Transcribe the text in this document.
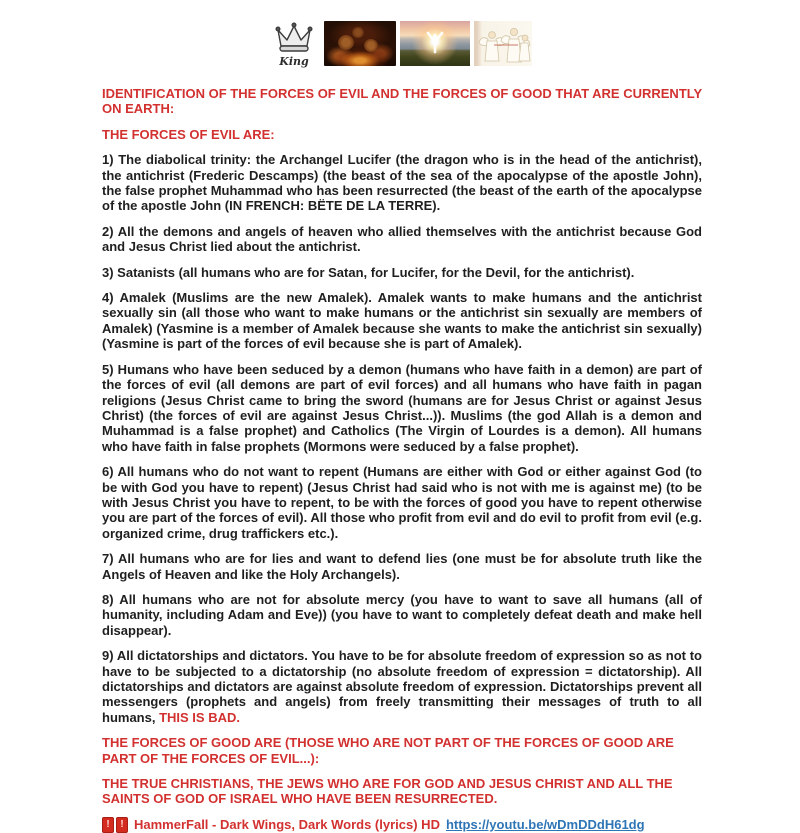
King

IDENTIFICATION OF THE FORCES OF EVIL AND THE FORCES OF GOOD THAT ARE CURRENTLY ON EARTH:

THE FORCES OF EVIL ARE:

1) The diabolical trinity: the Archangel Lucifer (the dragon who is in the head of the antichrist), the antichrist (Frederic Descamps) (the beast of the sea of the apocalypse of the apostle John), the false prophet Muhammad who has been resurrected (the beast of the earth of the apocalypse of the apostle John (IN FRENCH: BËTE DE LA TERRE).

2) All the demons and angels of heaven who allied themselves with the antichrist because God and Jesus Christ lied about the antichrist.

3) Satanists (all humans who are for Satan, for Lucifer, for the Devil, for the antichrist).

4) Amalek (Muslims are the new Amalek). Amalek wants to make humans and the antichrist sexually sin (all those who want to make humans or the antichrist sin sexually are members of Amalek) (Yasmine is a member of Amalek because she wants to make the antichrist sin sexually) (Yasmine is part of the forces of evil because she is part of Amalek).

5) Humans who have been seduced by a demon (humans who have faith in a demon) are part of the forces of evil (all demons are part of evil forces) and all humans who have faith in pagan religions (Jesus Christ came to bring the sword (humans are for Jesus Christ or against Jesus Christ) (the forces of evil are against Jesus Christ...)). Muslims (the god Allah is a demon and Muhammad is a false prophet) and Catholics (The Virgin of Lourdes is a demon). All humans who have faith in false prophets (Mormons were seduced by a false prophet).

6) All humans who do not want to repent (Humans are either with God or either against God (to be with God you have to repent) (Jesus Christ had said who is not with me is against me) (to be with Jesus Christ you have to repent, to be with the forces of good you have to repent otherwise you are part of the forces of evil). All those who profit from evil and do evil to profit from evil (e.g. organized crime, drug traffickers etc.).

7) All humans who are for lies and want to defend lies (one must be for absolute truth like the Angels of Heaven and like the Holy Archangels).

8) All humans who are not for absolute mercy (you have to want to save all humans (all of humanity, including Adam and Eve)) (you have to want to completely defeat death and make hell disappear).

9) All dictatorships and dictators. You have to be for absolute freedom of expression so as not to have to be subjected to a dictatorship (no absolute freedom of expression = dictatorship). All dictatorships and dictators are against absolute freedom of expression. Dictatorships prevent all messengers (prophets and angels) from freely transmitting their messages of truth to all humans, THIS IS BAD.

THE FORCES OF GOOD ARE (THOSE WHO ARE NOT PART OF THE FORCES OF GOOD ARE PART OF THE FORCES OF EVIL...):

THE TRUE CHRISTIANS, THE JEWS WHO ARE FOR GOD AND JESUS CHRIST AND ALL THE SAINTS OF GOD OF ISRAEL WHO HAVE BEEN RESURRECTED.

!
!
HammerFall - Dark Wings, Dark Words (lyrics) HD https://youtu.be/wDmDDdH61dg
